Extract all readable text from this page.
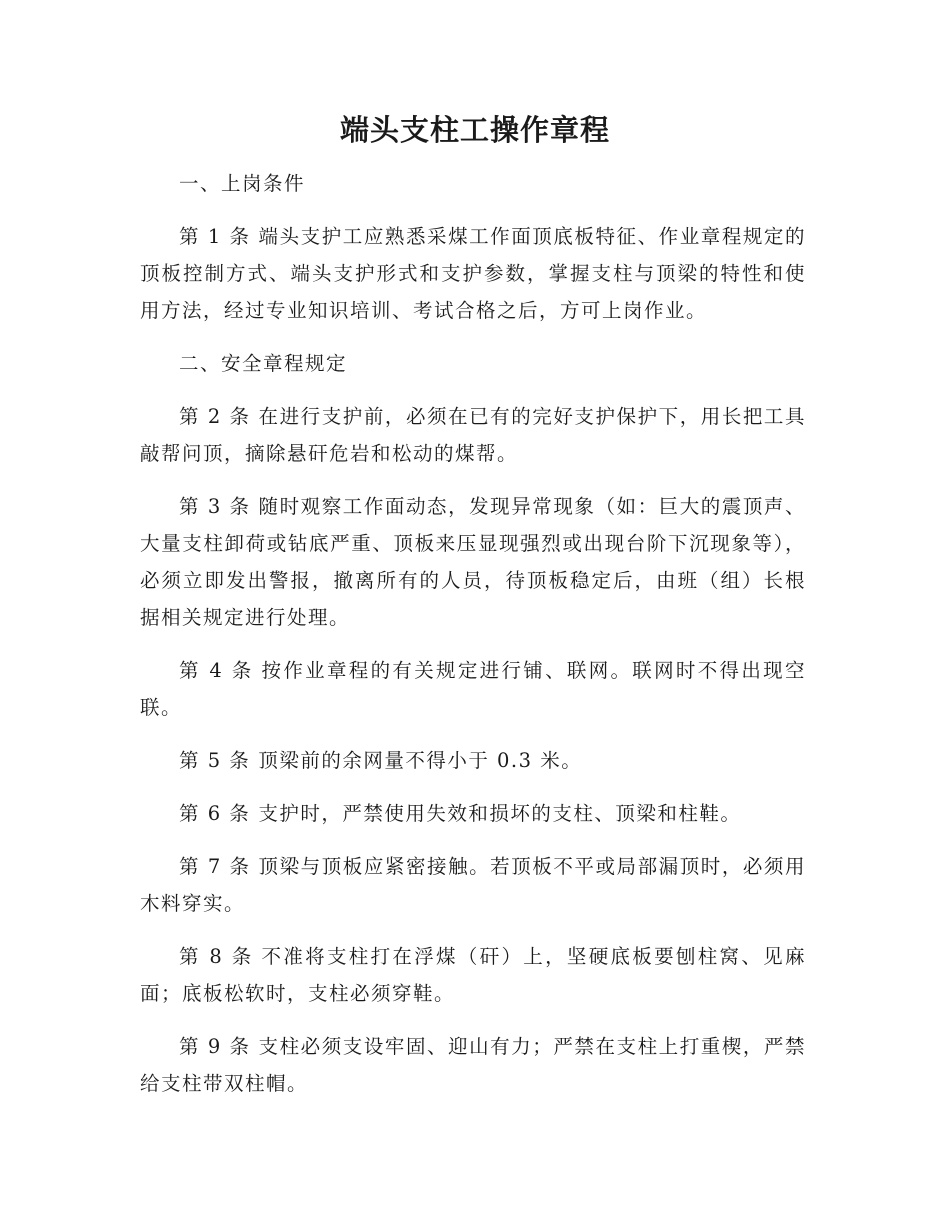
端头支柱工操作章程

一、上岗条件

第 1 条 端头支护工应熟悉采煤工作面顶底板特征、作业章程规定的顶板控制方式、端头支护形式和支护参数，掌握支柱与顶梁的特性和使用方法，经过专业知识培训、考试合格之后，方可上岗作业。

二、安全章程规定

第 2 条 在进行支护前，必须在已有的完好支护保护下，用长把工具敲帮问顶，摘除悬矸危岩和松动的煤帮。

第 3 条 随时观察工作面动态，发现异常现象（如：巨大的震顶声、大量支柱卸荷或钻底严重、顶板来压显现强烈或出现台阶下沉现象等），必须立即发出警报，撤离所有的人员，待顶板稳定后，由班（组）长根据相关规定进行处理。

第 4 条 按作业章程的有关规定进行铺、联网。联网时不得出现空联。

第 5 条 顶梁前的余网量不得小于 0.3 米。

第 6 条 支护时，严禁使用失效和损坏的支柱、顶梁和柱鞋。

第 7 条 顶梁与顶板应紧密接触。若顶板不平或局部漏顶时，必须用木料穿实。

第 8 条 不准将支柱打在浮煤（矸）上，坚硬底板要刨柱窝、见麻面；底板松软时，支柱必须穿鞋。

第 9 条 支柱必须支设牢固、迎山有力；严禁在支柱上打重楔，严禁给支柱带双柱帽。
